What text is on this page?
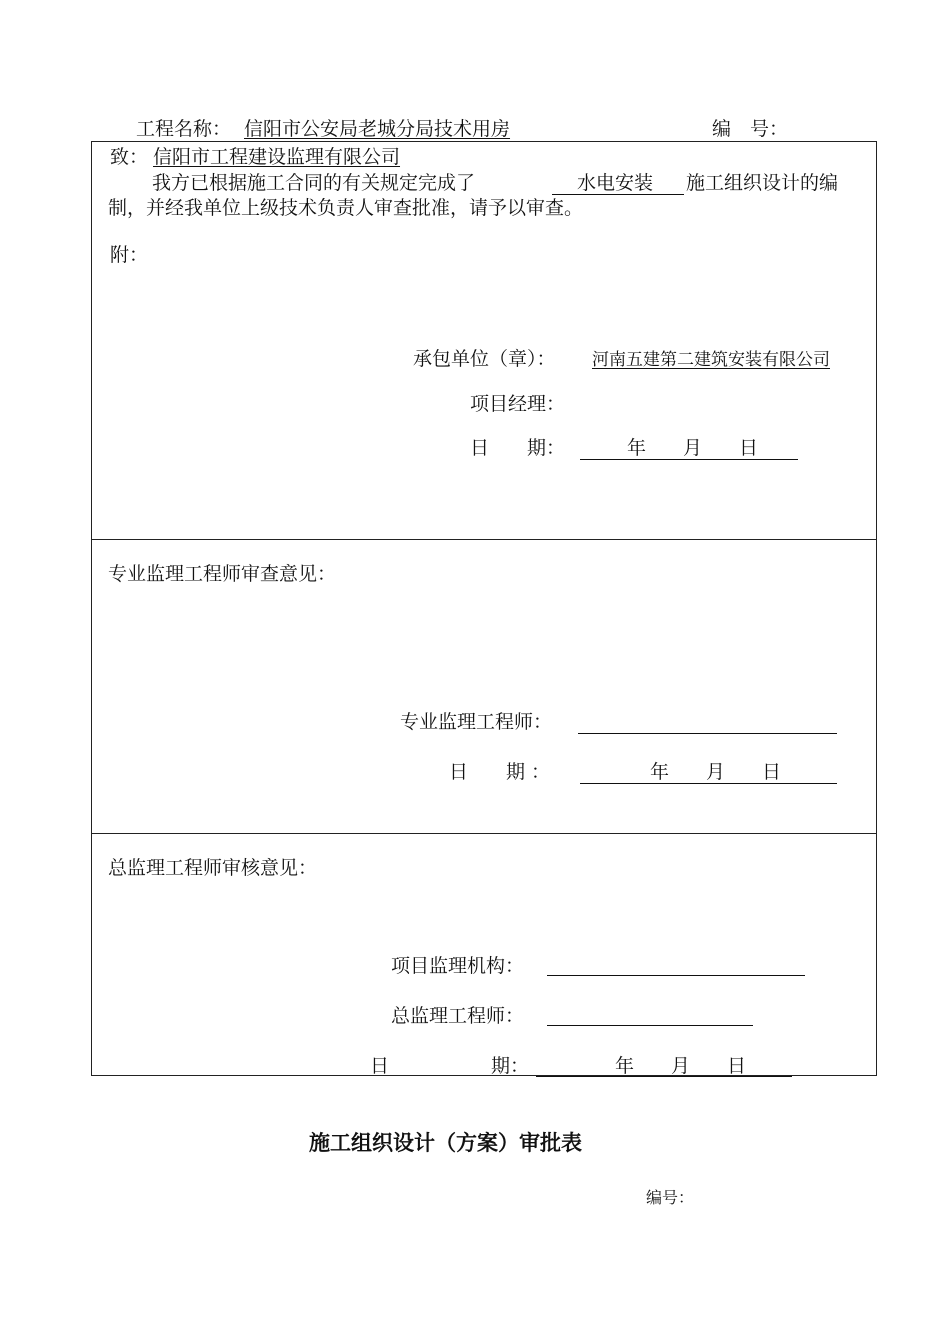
工程名称： 信阳市公安局老城分局技术用房	编　号：
致： 信阳市工程建设监理有限公司
我方已根据施工合同的有关规定完成了	水电安装 施工组织设计的编
制，并经我单位上级技术负责人审查批准，请予以审查。
附：
承包单位（章）： 河南五建第二建筑安装有限公司
项目经理：
日　　期：	年 月 日
专业监理工程师审查意见：
专业监理工程师：
日　　期 ：	年 月 日
总监理工程师审核意见：
项目监理机构：
总监理工程师：
日	期：	年 月 日
施工组织设计（方案）审批表
编号：
